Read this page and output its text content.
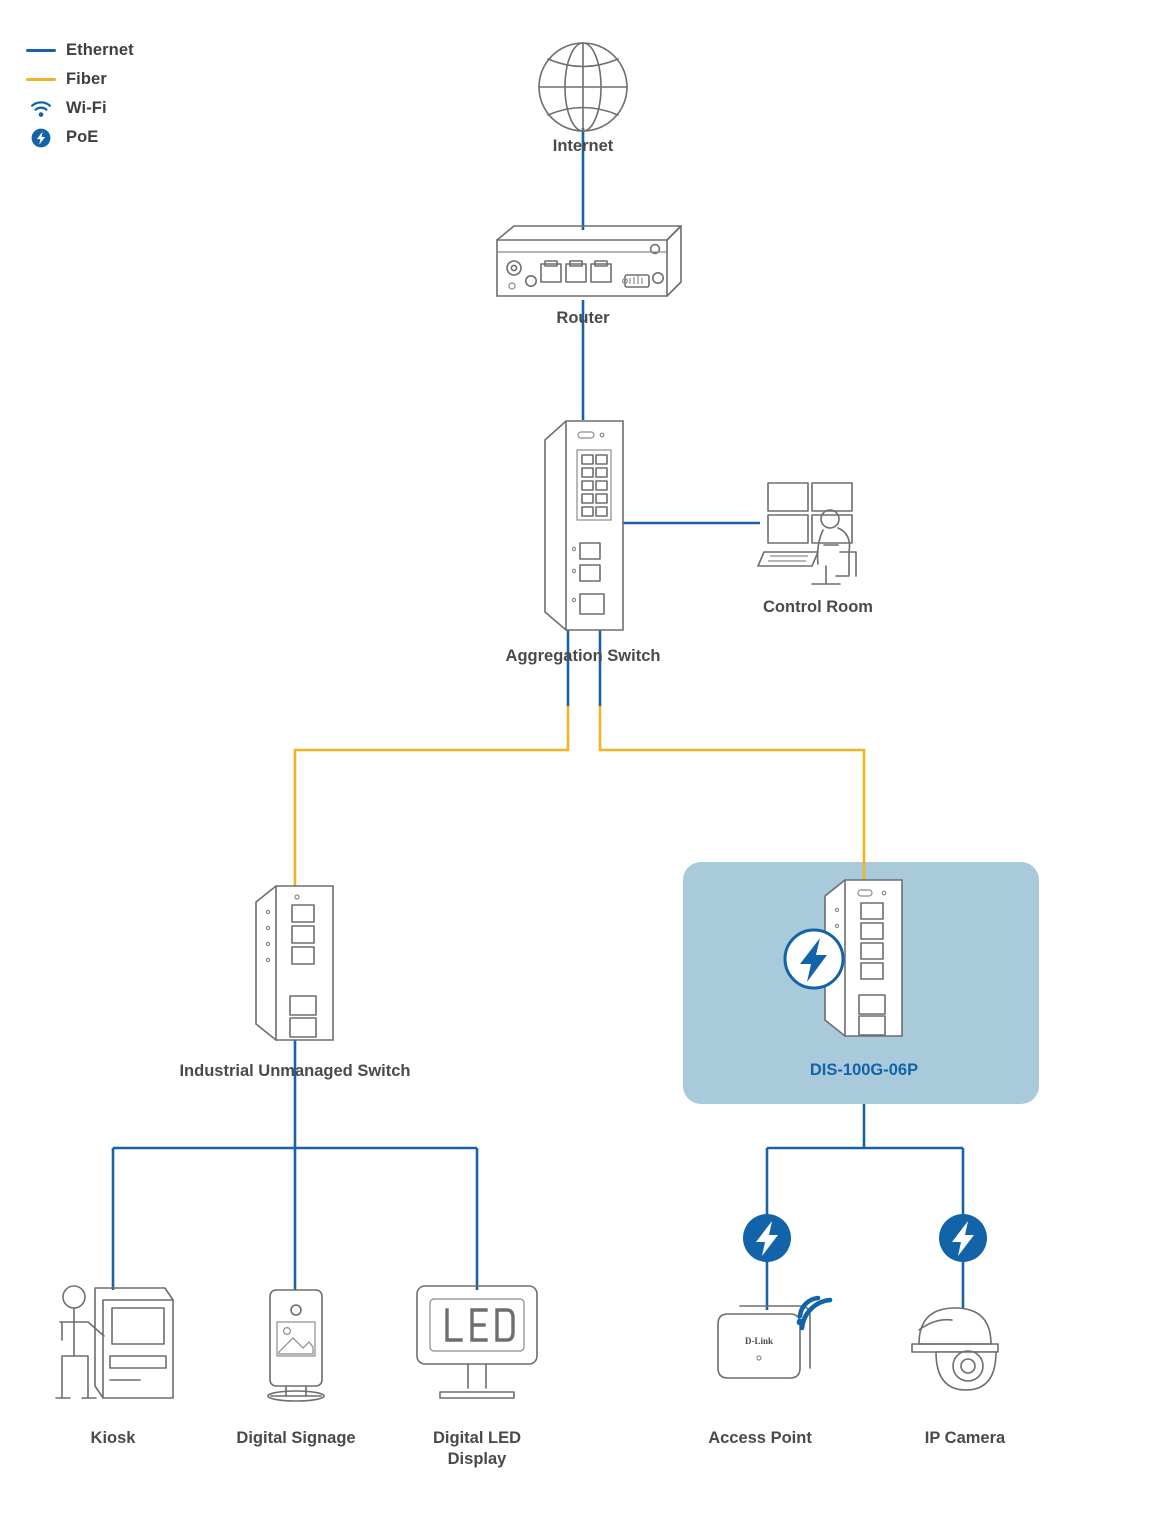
Ethernet
Fiber
Wi-Fi
PoE
D-Link
Internet
Router
Aggregation Switch
Control Room
Industrial Unmanaged Switch	DIS-100G-06P
Kiosk	Digital Signage	Digital LED
Display
Access Point	IP Camera
